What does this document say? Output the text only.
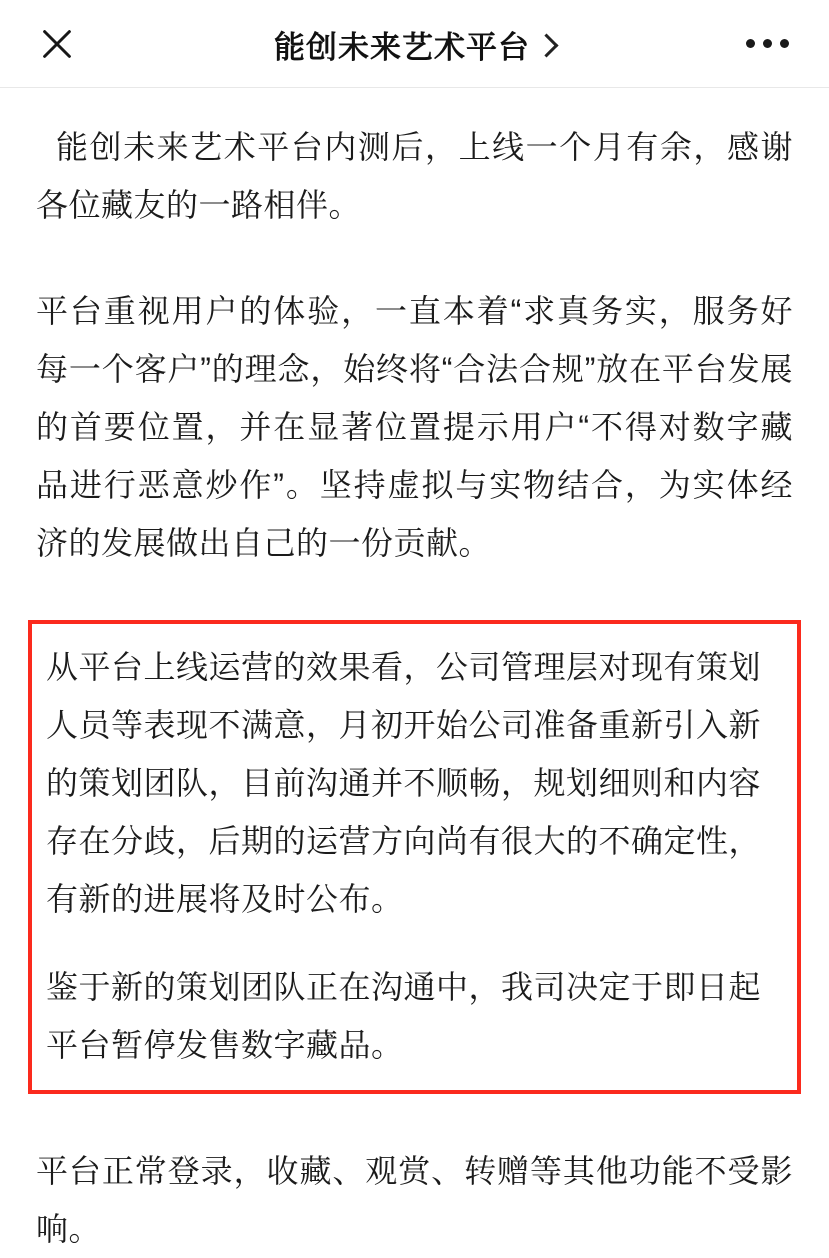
能创未来艺术平台

能创未来艺术平台内测后，上线一个月有余，感谢各位藏友的一路相伴。

平台重视用户的体验，一直本着“求真务实，服务好每一个客户”的理念，始终将“合法合规”放在平台发展的首要位置，并在显著位置提示用户“不得对数字藏品进行恶意炒作”。坚持虚拟与实物结合，为实体经济的发展做出自己的一份贡献。

从平台上线运营的效果看，公司管理层对现有策划人员等表现不满意，月初开始公司准备重新引入新的策划团队，目前沟通并不顺畅，规划细则和内容存在分歧，后期的运营方向尚有很大的不确定性，有新的进展将及时公布。

鉴于新的策划团队正在沟通中，我司决定于即日起平台暂停发售数字藏品。

平台正常登录，收藏、观赏、转赠等其他功能不受影响。
